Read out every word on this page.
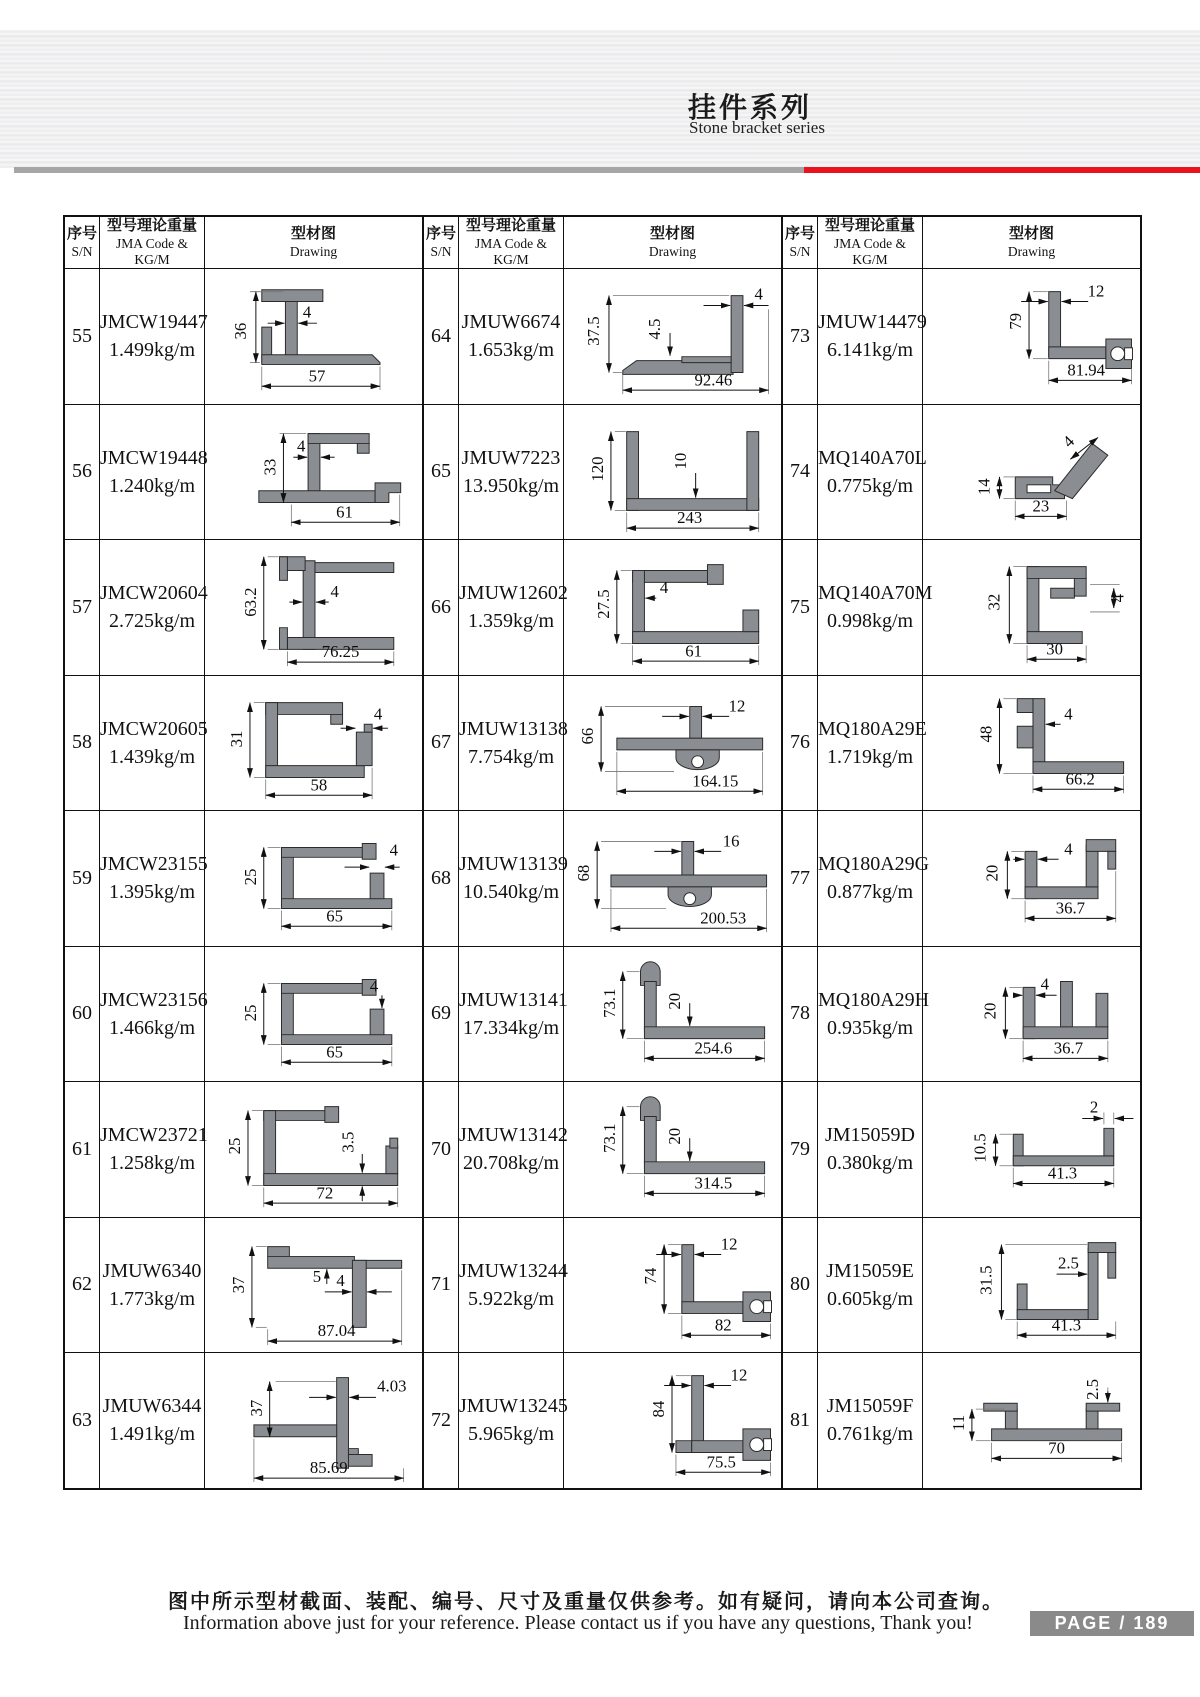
挂件系列
Stone bracket series
序号
S/N

型号理论重量
JMA Code & KG/M

型材图
Drawing

55	
JMCW19447
1.499kg/m

36
4
57

56	
JMCW19448
1.240kg/m

33
4
61

57	
JMCW20604
2.725kg/m

63.2	4
76.25

58	
JMCW20605
1.439kg/m

31
4
58

59	
JMCW23155
1.395kg/m

25
4
65

60	
JMCW23156
1.466kg/m

25
4
65

61	
JMCW23721
1.258kg/m

25	3.5
72

62	
JMUW6340
1.773kg/m

37	5 4
87.04

63	
JMUW6344
1.491kg/m

37
4.03
85.69
序号
S/N

型号理论重量
JMA Code & KG/M

型材图
Drawing

64	
JMUW6674
1.653kg/m

37.5 4.5
4
92.46

65	
JMUW7223
13.950kg/m

120	10
243

66	
JMUW12602
1.359kg/m

27.5
4
61

67	
JMUW13138
7.754kg/m

66
12
164.15

68	
JMUW13139
10.540kg/m

68
16
200.53

69	
JMUW13141
17.334kg/m

73.1	20
254.6

70	
JMUW13142
20.708kg/m

73.1	20
314.5

71	
JMUW13244
5.922kg/m

74
12
82

72	
JMUW13245
5.965kg/m

84
12
75.5
序号
S/N

型号理论重量
JMA Code & KG/M

型材图
Drawing

73	
JMUW14479
6.141kg/m

79
12
81.94

74	
MQ140A70L
0.775kg/m

4
14
23

75	
MQ140A70M
0.998kg/m

32	4
30

76	
MQ180A29E
1.719kg/m

48
4
66.2

77	
MQ180A29G
0.877kg/m

20
4
36.7

78	
MQ180A29H
0.935kg/m

20
4
36.7

79	
JM15059D
0.380kg/m

10.5
2
41.3

80	
JM15059E
0.605kg/m

31.5
2.5
41.3

81	
JM15059F
0.761kg/m

11
2.5
70
图中所示型材截面、装配、编号、尺寸及重量仅供参考。如有疑问，请向本公司查询。
Information above just for your reference. Please contact us if you have any questions, Thank you!	PAGE / 189
